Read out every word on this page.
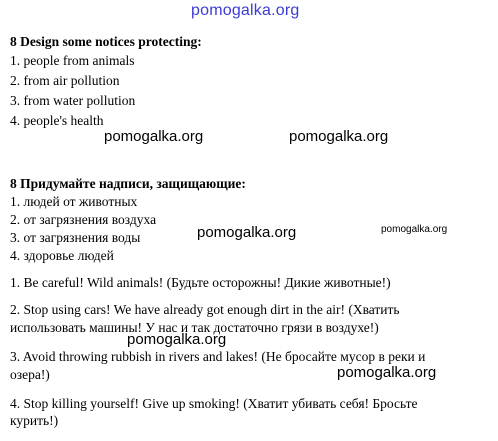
pomogalka.org
8 Design some notices protecting:
1. people from animals
2. from air pollution
3. from water pollution
4. people's health
pomogalka.org	pomogalka.org
8 Придумайте надписи, защищающие:
1. людей от животных
2. от загрязнения воздуха
3. от загрязнения воды
4. здоровье людей
pomogalka.org	pomogalka.org
1. Be careful! Wild animals! (Будьте осторожны! Дикие животные!)
2. Stop using cars! We have already got enough dirt in the air! (Хватить
использовать машины! У нас и так достаточно грязи в воздухе!)
pomogalka.org
3. Avoid throwing rubbish in rivers and lakes! (Не бросайте мусор в реки и
озера!)	pomogalka.org
4. Stop killing yourself! Give up smoking! (Хватит убивать себя! Бросьте
курить!)
